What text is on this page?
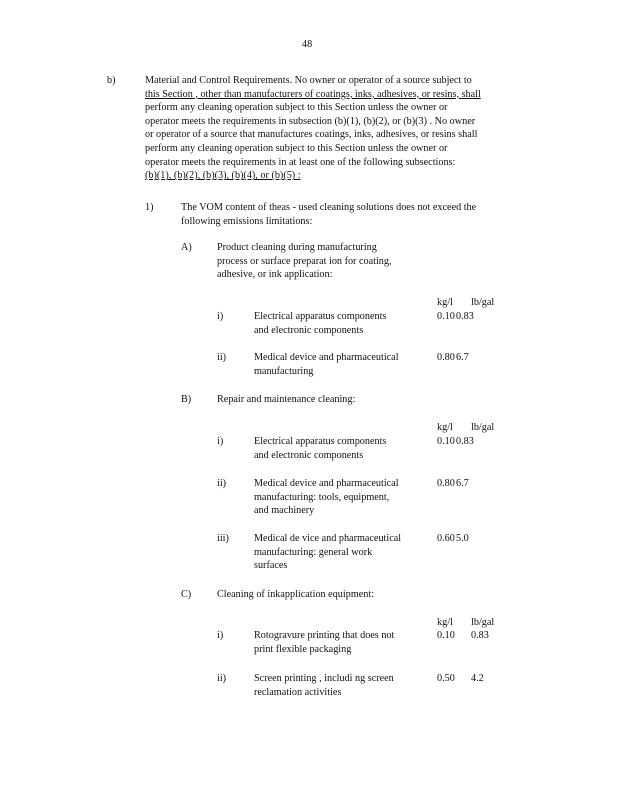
48
b)	Material and Control Requirements. No owner or operator of a source subject to
this Section , other than manufacturers of coatings, inks, adhesives, or resins, shall
perform any cleaning operation subject to this Section unless the owner or
operator meets the requirements in subsection (b)(1), (b)(2), or (b)(3) . No owner
or operator of a source that manufactures coatings, inks, adhesives, or resins shall
perform any cleaning operation subject to this Section unless the owner or
operator meets the requirements in at least one of the following subsections:
(b)(1), (b)(2), (b)(3), (b)(4), or (b)(5) :
1)	The VOM content of theas - used cleaning solutions does not exceed the
following emissions limitations:
A) Product cleaning during manufacturing
process or surface preparat ion for coating,
adhesive, or ink application:
kg/l lb/gal
i)	Electrical apparatus components
and electronic components
0.10 0.83
ii)	Medical device and pharmaceutical
manufacturing
0.80 6.7
B)	Repair and maintenance cleaning:
kg/l lb/gal
i)	Electrical apparatus components
and electronic components
0.10 0.83
ii)	Medical device and pharmaceutical
manufacturing: tools, equipment,
and machinery
0.80 6.7
iii) Medical de vice and pharmaceutical
manufacturing: general work
surfaces
0.60 5.0
C)	Cleaning of inkapplication equipment:
kg/l lb/gal
i)	Rotogravure printing that does not
print flexible packaging
0.10 0.83
ii)	Screen printing , includi ng screen
reclamation activities
0.50 4.2
